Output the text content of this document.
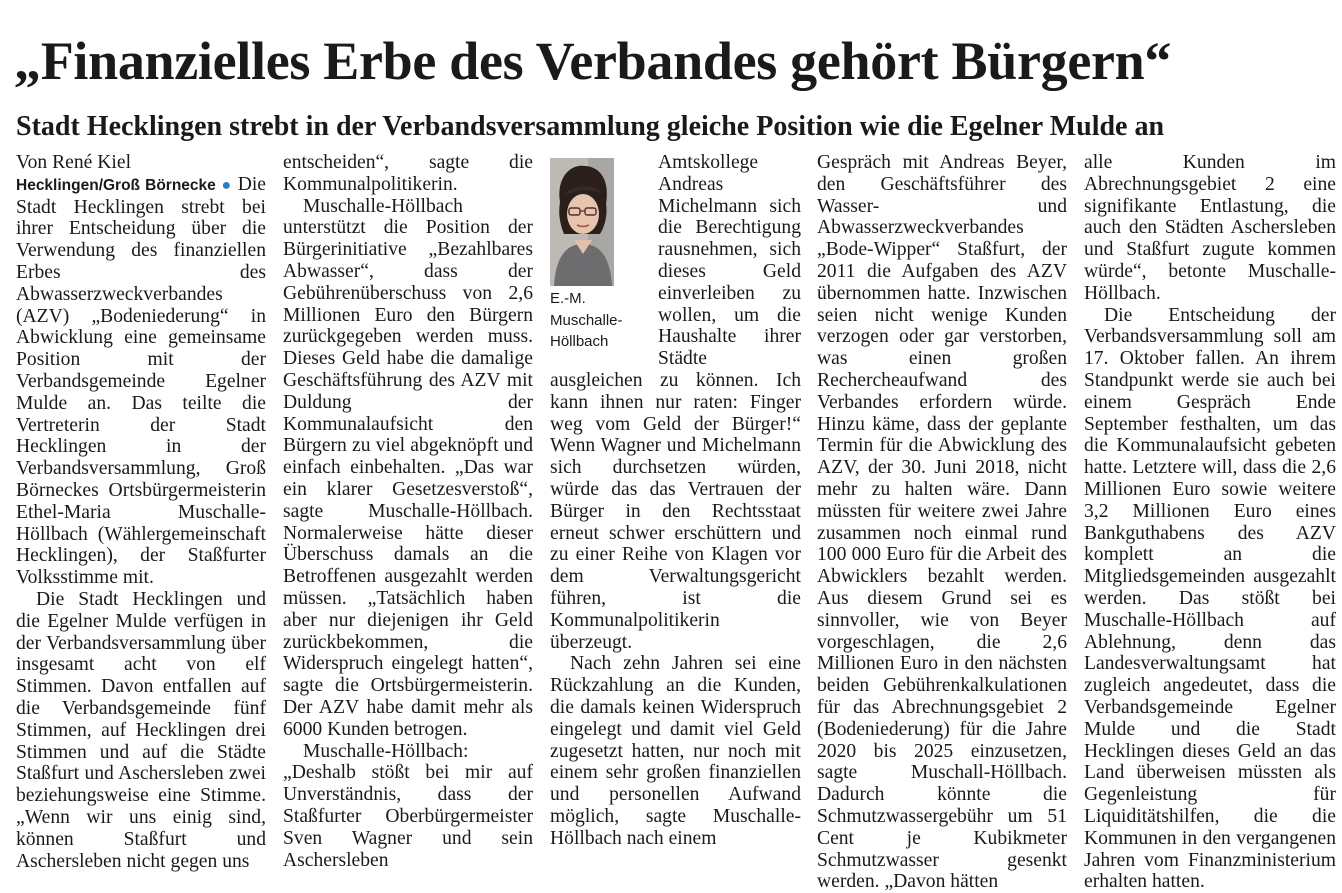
„Finanzielles Erbe des Verbandes gehört Bürgern“
Stadt Hecklingen strebt in der Verbandsversammlung gleiche Position wie die Egelner Mulde an

Von René Kiel

Hecklingen/Groß Börnecke ● Die Stadt Hecklingen strebt bei ihrer Entscheidung über die Verwendung des finanziellen Erbes des Abwasserzweckverbandes (AZV) „Bodeniederung“ in Abwicklung eine gemeinsame Position mit der Verbandsgemeinde Egelner Mulde an. Das teilte die Vertreterin der Stadt Hecklingen in der Verbandsversammlung, Groß Börneckes Ortsbürgermeisterin Ethel-Maria Muschalle-Höllbach (Wählergemeinschaft Hecklingen), der Staßfurter Volksstimme mit.

Die Stadt Hecklingen und die Egelner Mulde verfügen in der Verbandsversammlung über insgesamt acht von elf Stimmen. Davon entfallen auf die Verbandsgemeinde fünf Stimmen, auf Hecklingen drei Stimmen und auf die Städte Staßfurt und Aschersleben zwei beziehungsweise eine Stimme. „Wenn wir uns einig sind, können Staßfurt und Aschersleben nicht gegen uns

entscheiden“, sagte die Kommunalpolitikerin.

Muschalle-Höllbach unterstützt die Position der Bürgerinitiative „Bezahlbares Abwasser“, dass der Gebührenüberschuss von 2,6 Millionen Euro den Bürgern zurückgegeben werden muss. Dieses Geld habe die damalige Geschäftsführung des AZV mit Duldung der Kommunalaufsicht den Bürgern zu viel abgeknöpft und einfach einbehalten. „Das war ein klarer Gesetzesverstoß“, sagte Muschalle-Höllbach. Normalerweise hätte dieser Überschuss damals an die Betroffenen ausgezahlt werden müssen. „Tatsächlich haben aber nur diejenigen ihr Geld zurückbekommen, die Widerspruch eingelegt hatten“, sagte die Ortsbürgermeisterin. Der AZV habe damit mehr als 6000 Kunden betrogen.

Muschalle-Höllbach: „Deshalb stößt bei mir auf Unverständnis, dass der Staßfurter Oberbürgermeister Sven Wagner und sein Aschersleben

E.-M. Muschalle-Höllbach

Amtskollege Andreas Michelmann sich die Berechtigung rausnehmen, sich dieses Geld einverleiben zu wollen, um die Haushalte ihrer Städte ausgleichen zu können. Ich kann ihnen nur raten: Finger weg vom Geld der Bürger!“ Wenn Wagner und Michelmann sich durchsetzen würden, würde das das Vertrauen der Bürger in den Rechtsstaat erneut schwer erschüttern und zu einer Reihe von Klagen vor dem Verwaltungsgericht führen, ist die Kommunalpolitikerin überzeugt.

Nach zehn Jahren sei eine Rückzahlung an die Kunden, die damals keinen Widerspruch eingelegt und damit viel Geld zugesetzt hatten, nur noch mit einem sehr großen finanziellen und personellen Aufwand möglich, sagte Muschalle-Höllbach nach einem

Gespräch mit Andreas Beyer, den Geschäftsführer des Wasser- und Abwasserzweckverbandes „Bode-Wipper“ Staßfurt, der 2011 die Aufgaben des AZV übernommen hatte. Inzwischen seien nicht wenige Kunden verzogen oder gar verstorben, was einen großen Rechercheaufwand des Verbandes erfordern würde. Hinzu käme, dass der geplante Termin für die Abwicklung des AZV, der 30. Juni 2018, nicht mehr zu halten wäre. Dann müssten für weitere zwei Jahre zusammen noch einmal rund 100 000 Euro für die Arbeit des Abwicklers bezahlt werden. Aus diesem Grund sei es sinnvoller, wie von Beyer vorgeschlagen, die 2,6 Millionen Euro in den nächsten beiden Gebührenkalkulationen für das Abrechnungsgebiet 2 (Bodeniederung) für die Jahre 2020 bis 2025 einzusetzen, sagte Muschall-Höllbach. Dadurch könnte die Schmutzwassergebühr um 51 Cent je Kubikmeter Schmutzwasser gesenkt werden. „Davon hätten

alle Kunden im Abrechnungsgebiet 2 eine signifikante Entlastung, die auch den Städten Aschersleben und Staßfurt zugute kommen würde“, betonte Muschalle-Höllbach.

Die Entscheidung der Verbandsversammlung soll am 17. Oktober fallen. An ihrem Standpunkt werde sie auch bei einem Gespräch Ende September festhalten, um das die Kommunalaufsicht gebeten hatte. Letztere will, dass die 2,6 Millionen Euro sowie weitere 3,2 Millionen Euro eines Bankguthabens des AZV komplett an die Mitgliedsgemeinden ausgezahlt werden. Das stößt bei Muschalle-Höllbach auf Ablehnung, denn das Landesverwaltungsamt hat zugleich angedeutet, dass die Verbandsgemeinde Egelner Mulde und die Stadt Hecklingen dieses Geld an das Land überweisen müssten als Gegenleistung für Liquiditätshilfen, die die Kommunen in den vergangenen Jahren vom Finanzministerium erhalten hatten.
